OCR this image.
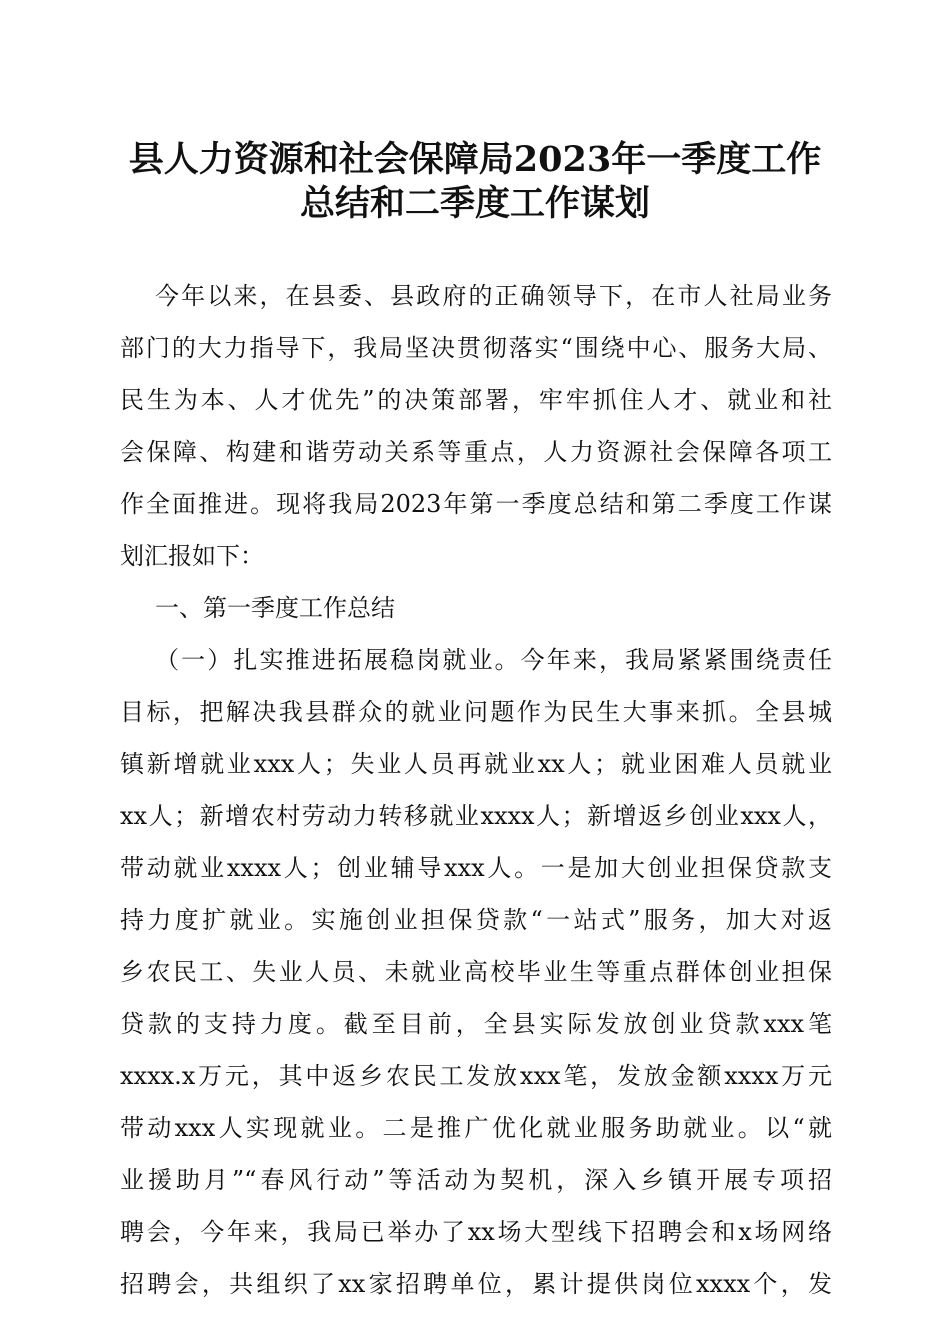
县人力资源和社会保障局2023年一季度工作
总结和二季度工作谋划
今年以来，在县委、县政府的正确领导下，在市人社局业务
部门的大力指导下，我局坚决贯彻落实“围绕中心、服务大局、
民生为本、人才优先”的决策部署，牢牢抓住人才、就业和社
会保障、构建和谐劳动关系等重点，人力资源社会保障各项工
作全面推进。现将我局2023年第一季度总结和第二季度工作谋
划汇报如下：
一、第一季度工作总结
（一）扎实推进拓展稳岗就业。今年来，我局紧紧围绕责任
目标，把解决我县群众的就业问题作为民生大事来抓。全县城
镇新增就业xxx人；失业人员再就业xx人；就业困难人员就业
xx人；新增农村劳动力转移就业xxxx人；新增返乡创业xxx人，
带动就业xxxx人；创业辅导xxx人。一是加大创业担保贷款支
持力度扩就业。实施创业担保贷款“一站式”服务，加大对返
乡农民工、失业人员、未就业高校毕业生等重点群体创业担保
贷款的支持力度。截至目前，全县实际发放创业贷款xxx笔
xxxx.x万元，其中返乡农民工发放xxx笔，发放金额xxxx万元
带动xxx人实现就业。二是推广优化就业服务助就业。以“就
业援助月”“春风行动”等活动为契机，深入乡镇开展专项招
聘会，今年来，我局已举办了xx场大型线下招聘会和x场网络
招聘会，共组织了xx家招聘单位，累计提供岗位xxxx个，发
